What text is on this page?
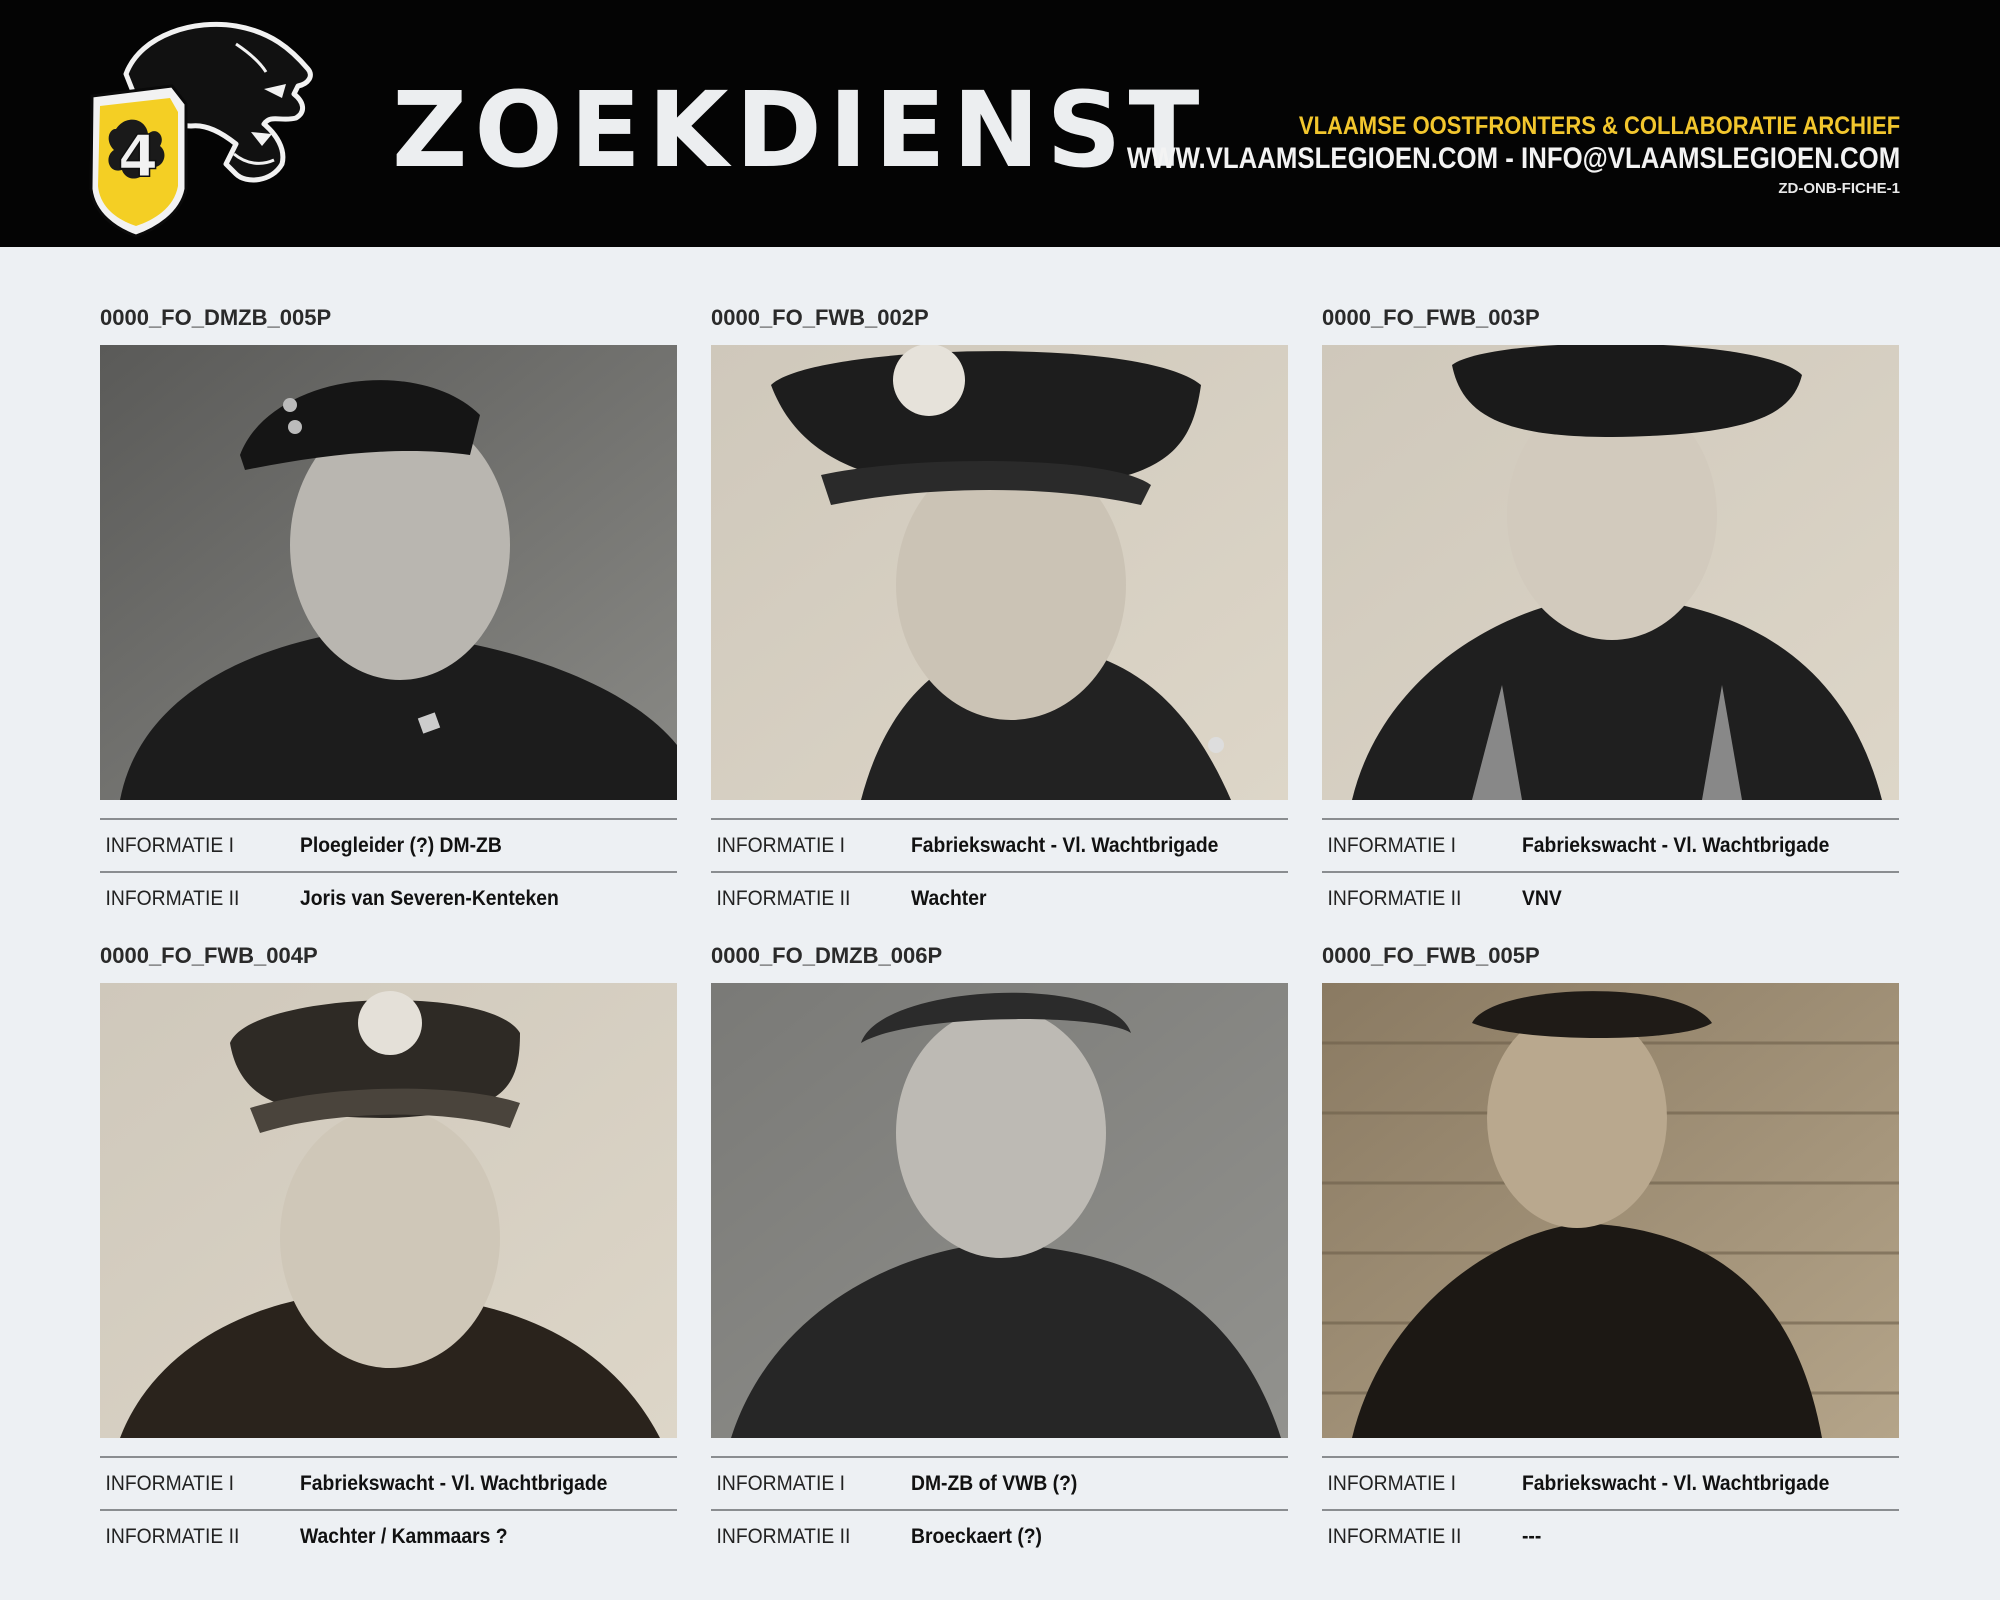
4 ZOEKDIENST	VLAAMSE OOSTFRONTERS & COLLABORATIE ARCHIEF
WWW.VLAAMSLEGIOEN.COM - INFO@VLAAMSLEGIOEN.COM
ZD-ONB-FICHE-1
0000_FO_DMZB_005P
INFORMATIE I	Ploegleider (?) DM-ZB
INFORMATIE II	Joris van Severen-Kenteken
0000_FO_FWB_002P
INFORMATIE I	Fabriekswacht - Vl. Wachtbrigade
INFORMATIE II	Wachter
0000_FO_FWB_003P
INFORMATIE I	Fabriekswacht - Vl. Wachtbrigade
INFORMATIE II	VNV
0000_FO_FWB_004P
INFORMATIE I	Fabriekswacht - Vl. Wachtbrigade
INFORMATIE II	Wachter / Kammaars ?
0000_FO_DMZB_006P
INFORMATIE I	DM-ZB of VWB (?)
INFORMATIE II	Broeckaert (?)
0000_FO_FWB_005P
INFORMATIE I	Fabriekswacht - Vl. Wachtbrigade
INFORMATIE II	---
